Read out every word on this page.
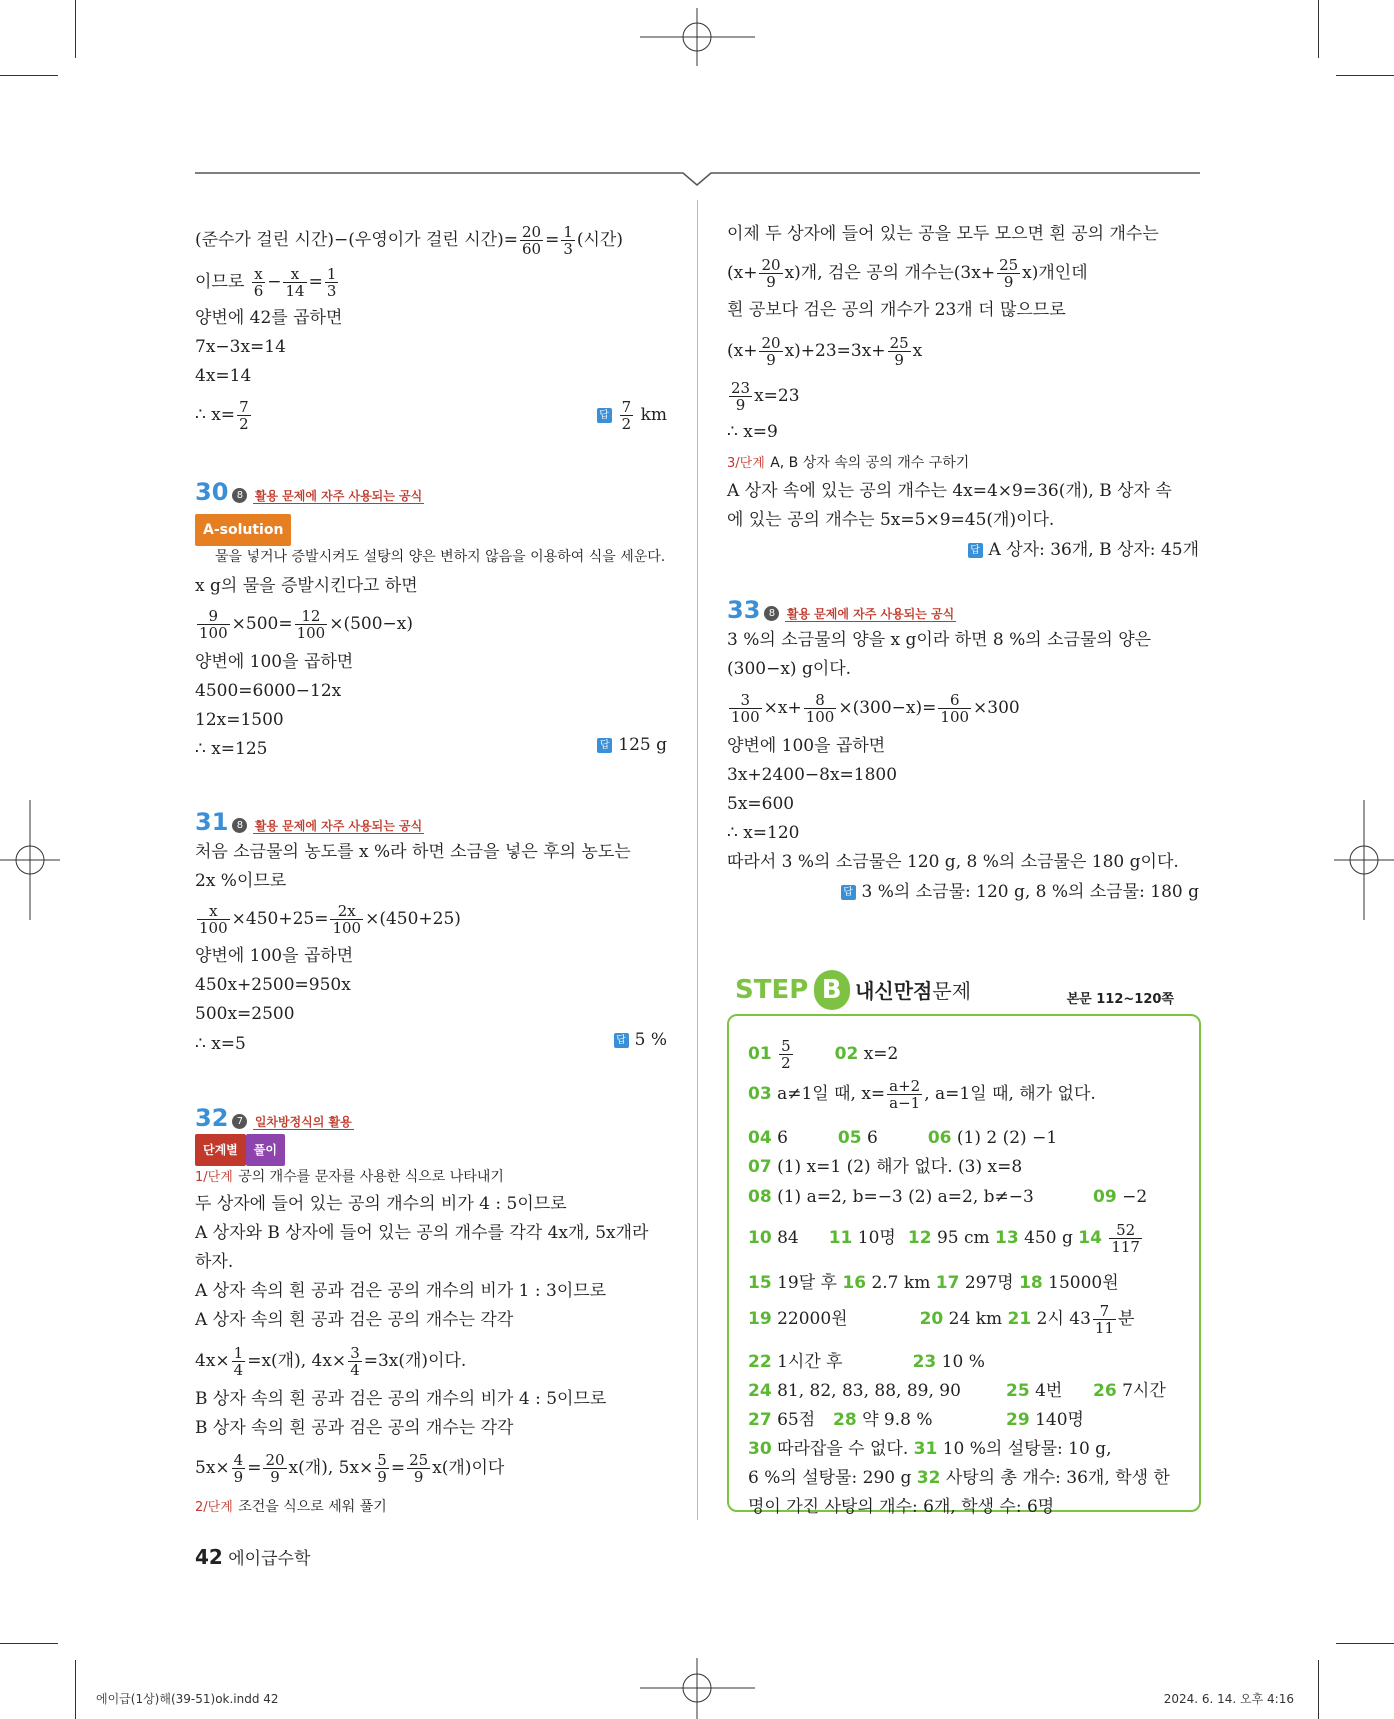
(준수가 걸린 시간)−(우영이가 걸린 시간)= $\frac{20}{60} = \frac{1}{3}$ (시간)
이므로 $\frac{x}{6} - \frac{x}{14} = \frac{1}{3}$
양변에 42를 곱하면
7x−3x=14
4x=14
∴ $x= \frac{7}{2}$	답 $\frac{7}{2}$ km
30 8 활용 문제에 자주 사용되는 공식
A-solution
물을 넣거나 증발시켜도 설탕의 양은 변하지 않음을 이용하여 식을 세운다.
x g의 물을 증발시킨다고 하면
$\frac{9}{100} \times 500= \frac{12}{100} \times(500-x)$
양변에 100을 곱하면
4500=6000−12x
12x=1500
∴ x=125	답 125 g
31 8 활용 문제에 자주 사용되는 공식
처음 소금물의 농도를 x %라 하면 소금을 넣은 후의 농도는
2x %이므로
$\frac{x}{100} \times 450+25= \frac{2x}{100} \times(450+25)$
양변에 100을 곱하면
450x+2500=950x
500x=2500
∴ x=5	답 5 %
32 7 일차방정식의 활용
단계별 풀이
1/단계 공의 개수를 문자를 사용한 식으로 나타내기
두 상자에 들어 있는 공의 개수의 비가 4 : 5이므로
A 상자와 B 상자에 들어 있는 공의 개수를 각각 4x개, 5x개라
하자.
A 상자 속의 흰 공과 검은 공의 개수의 비가 1 : 3이므로
A 상자 속의 흰 공과 검은 공의 개수는 각각
$4x\times \frac{1}{4} =x$(개), $4x\times \frac{3}{4} =3x$(개)이다.
B 상자 속의 흰 공과 검은 공의 개수의 비가 4 : 5이므로
B 상자 속의 흰 공과 검은 공의 개수는 각각
$5x\times \frac{4}{9} = \frac{20}{9} x$(개), $5x\times \frac{5}{9} = \frac{25}{9} x$(개)이다
2/단계 조건을 식으로 세워 풀기
42 에이급수학
이제 두 상자에 들어 있는 공을 모두 모으면 흰 공의 개수는
$(x+ \frac{20}{9} x)$개, 검은 공의 개수는$(3x+ \frac{25}{9} x)$개인데
흰 공보다 검은 공의 개수가 23개 더 많으므로
$(x+ \frac{20}{9} x)+23=3x+ \frac{25}{9}$ x
$\frac{23}{9} x=23$
∴ x=9
3/단계 A, B 상자 속의 공의 개수 구하기
A 상자 속에 있는 공의 개수는 4x=4×9=36(개), B 상자 속
에 있는 공의 개수는 5x=5×9=45(개)이다.
답 A 상자: 36개, B 상자: 45개
33 8 활용 문제에 자주 사용되는 공식
3 %의 소금물의 양을 x g이라 하면 8 %의 소금물의 양은
(300−x) g이다.
$\frac{3}{100} \times x+ \frac{8}{100} \times(300-x)= \frac{6}{100} \times 300$
양변에 100을 곱하면
3x+2400−8x=1800
5x=600
∴ x=120
따라서 3 %의 소금물은 120 g, 8 %의 소금물은 180 g이다.
답 3 %의 소금물: 120 g, 8 %의 소금물: 180 g
STEP B 내신만점문제	본문 112~120쪽
$01 \frac{5}{2} 02$ x=2
03 a≠1일 때, $x= \frac{a+2}{a-1}$ , a=1일 때, 해가 없다.
04 6	05 6	06 (1) 2 (2) −1
07 (1) x=1 (2) 해가 없다. (3) x=8
08 (1) a=2, b=−3 (2) a=2, b≠−3	09 −2
10 84 11 10명 12 95 cm 13 450 g $14 \frac{52}{117}$
15 19달 후 16 2.7 km 17 297명 18 15000원
19 22000원	20 24 km 21 2시 $43 \frac{7}{11}$ 분
22 1시간 후	23 10 %
24 81, 82, 83, 88, 89, 90	25 4번	26 7시간
27 65점	28 약 9.8 %	29 140명
30 따라잡을 수 없다. 31 10 %의 설탕물: 10 g,
6 %의 설탕물: 290 g 32 사탕의 총 개수: 36개, 학생 한
명이 가진 사탕의 개수: 6개, 학생 수: 6명
에이급(1상)해(39-51)ok.indd 42	2024. 6. 14. 오후 4:16
